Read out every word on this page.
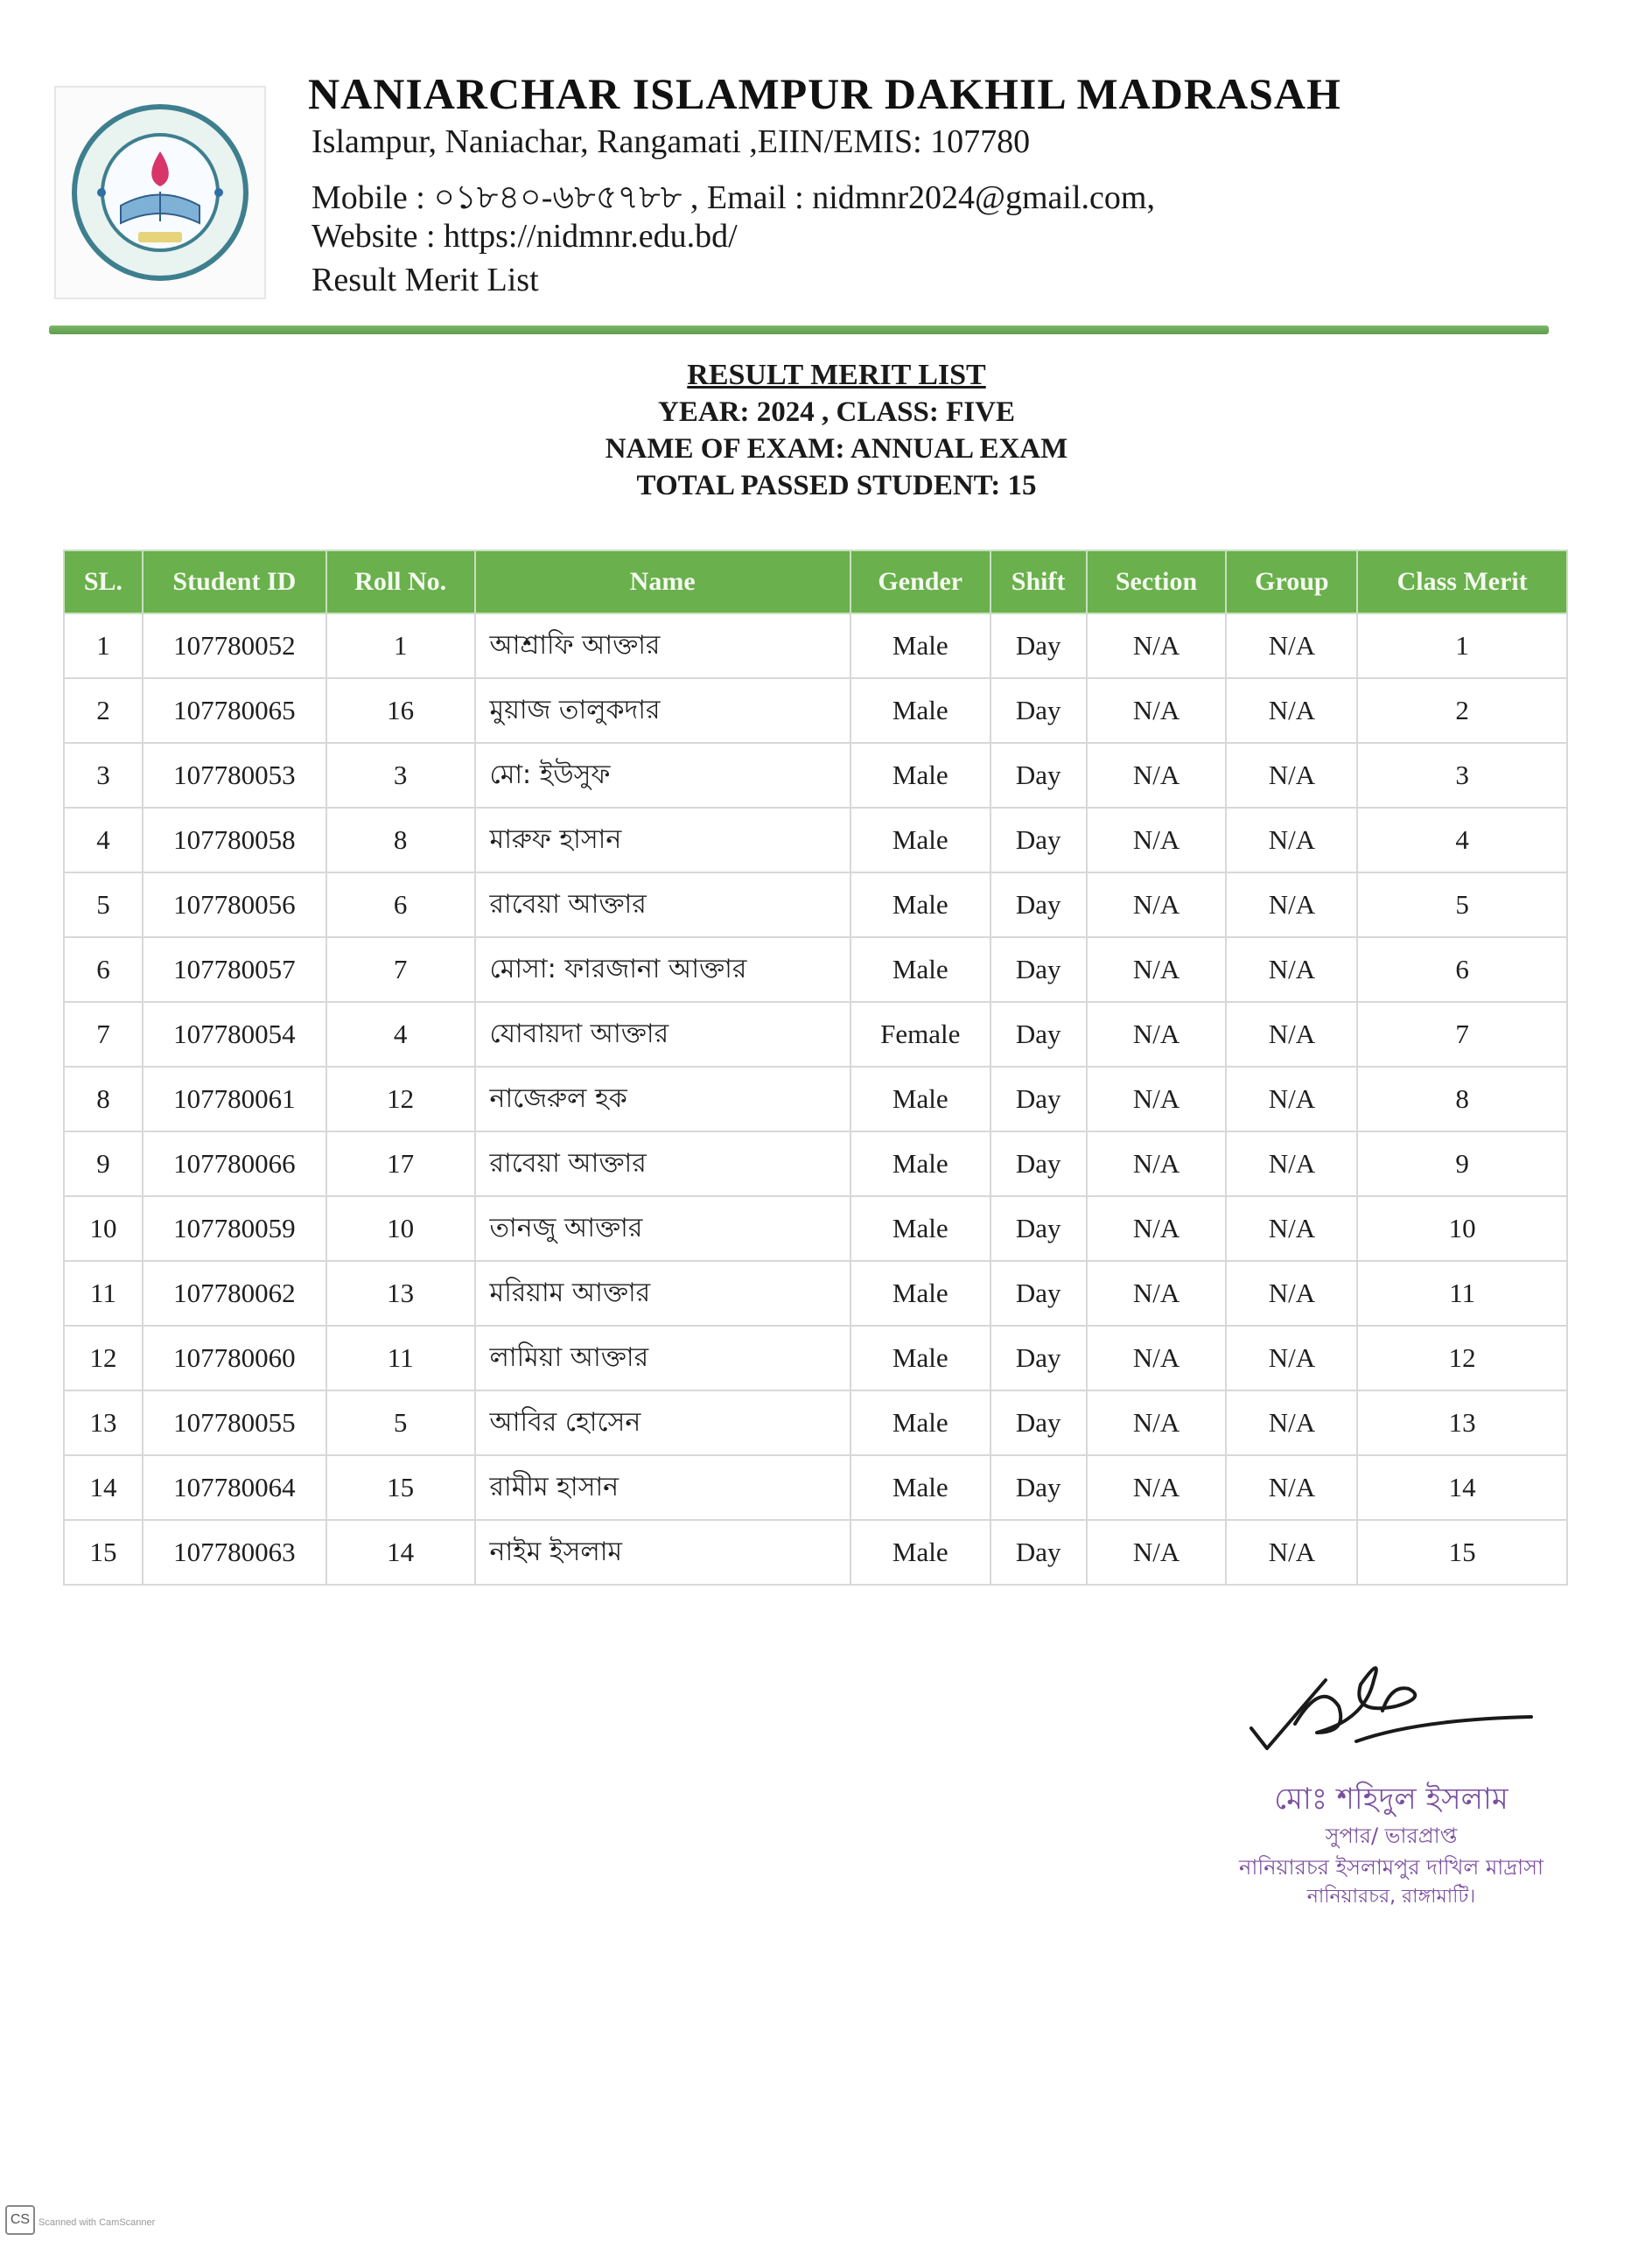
NANIARCHAR ISLAMPUR DAKHIL MADRASAH
Islampur, Naniachar, Rangamati ,EIIN/EMIS: 107780
Mobile : ০১৮৪০-৬৮৫৭৮৮ , Email : nidmnr2024@gmail.com,
Website : https://nidmnr.edu.bd/
Result Merit List
RESULT MERIT LIST
YEAR: 2024 , CLASS: FIVE
NAME OF EXAM: ANNUAL EXAM
TOTAL PASSED STUDENT: 15
SL.	Student ID	Roll No.	Name	Gender	Shift	Section	Group	Class Merit
1	107780052	1	আশ্রাফি আক্তার	Male	Day	N/A	N/A	1
2	107780065	16	মুয়াজ তালুকদার	Male	Day	N/A	N/A	2
3	107780053	3	মো: ইউসুফ	Male	Day	N/A	N/A	3
4	107780058	8	মারুফ হাসান	Male	Day	N/A	N/A	4
5	107780056	6	রাবেয়া আক্তার	Male	Day	N/A	N/A	5
6	107780057	7	মোসা: ফারজানা আক্তার	Male	Day	N/A	N/A	6
7	107780054	4	যোবায়দা আক্তার	Female	Day	N/A	N/A	7
8	107780061	12	নাজেরুল হক	Male	Day	N/A	N/A	8
9	107780066	17	রাবেয়া আক্তার	Male	Day	N/A	N/A	9
10	107780059	10	তানজু আক্তার	Male	Day	N/A	N/A	10
11	107780062	13	মরিয়াম আক্তার	Male	Day	N/A	N/A	11
12	107780060	11	লামিয়া আক্তার	Male	Day	N/A	N/A	12
13	107780055	5	আবির হোসেন	Male	Day	N/A	N/A	13
14	107780064	15	রামীম হাসান	Male	Day	N/A	N/A	14
15	107780063	14	নাইম ইসলাম	Male	Day	N/A	N/A	15
মোঃ শহিদুল ইসলাম
সুপার/ ভারপ্রাপ্ত
নানিয়ারচর ইসলামপুর দাখিল মাদ্রাসা
নানিয়ারচর, রাঙ্গামাটি।
CS Scanned with CamScanner
